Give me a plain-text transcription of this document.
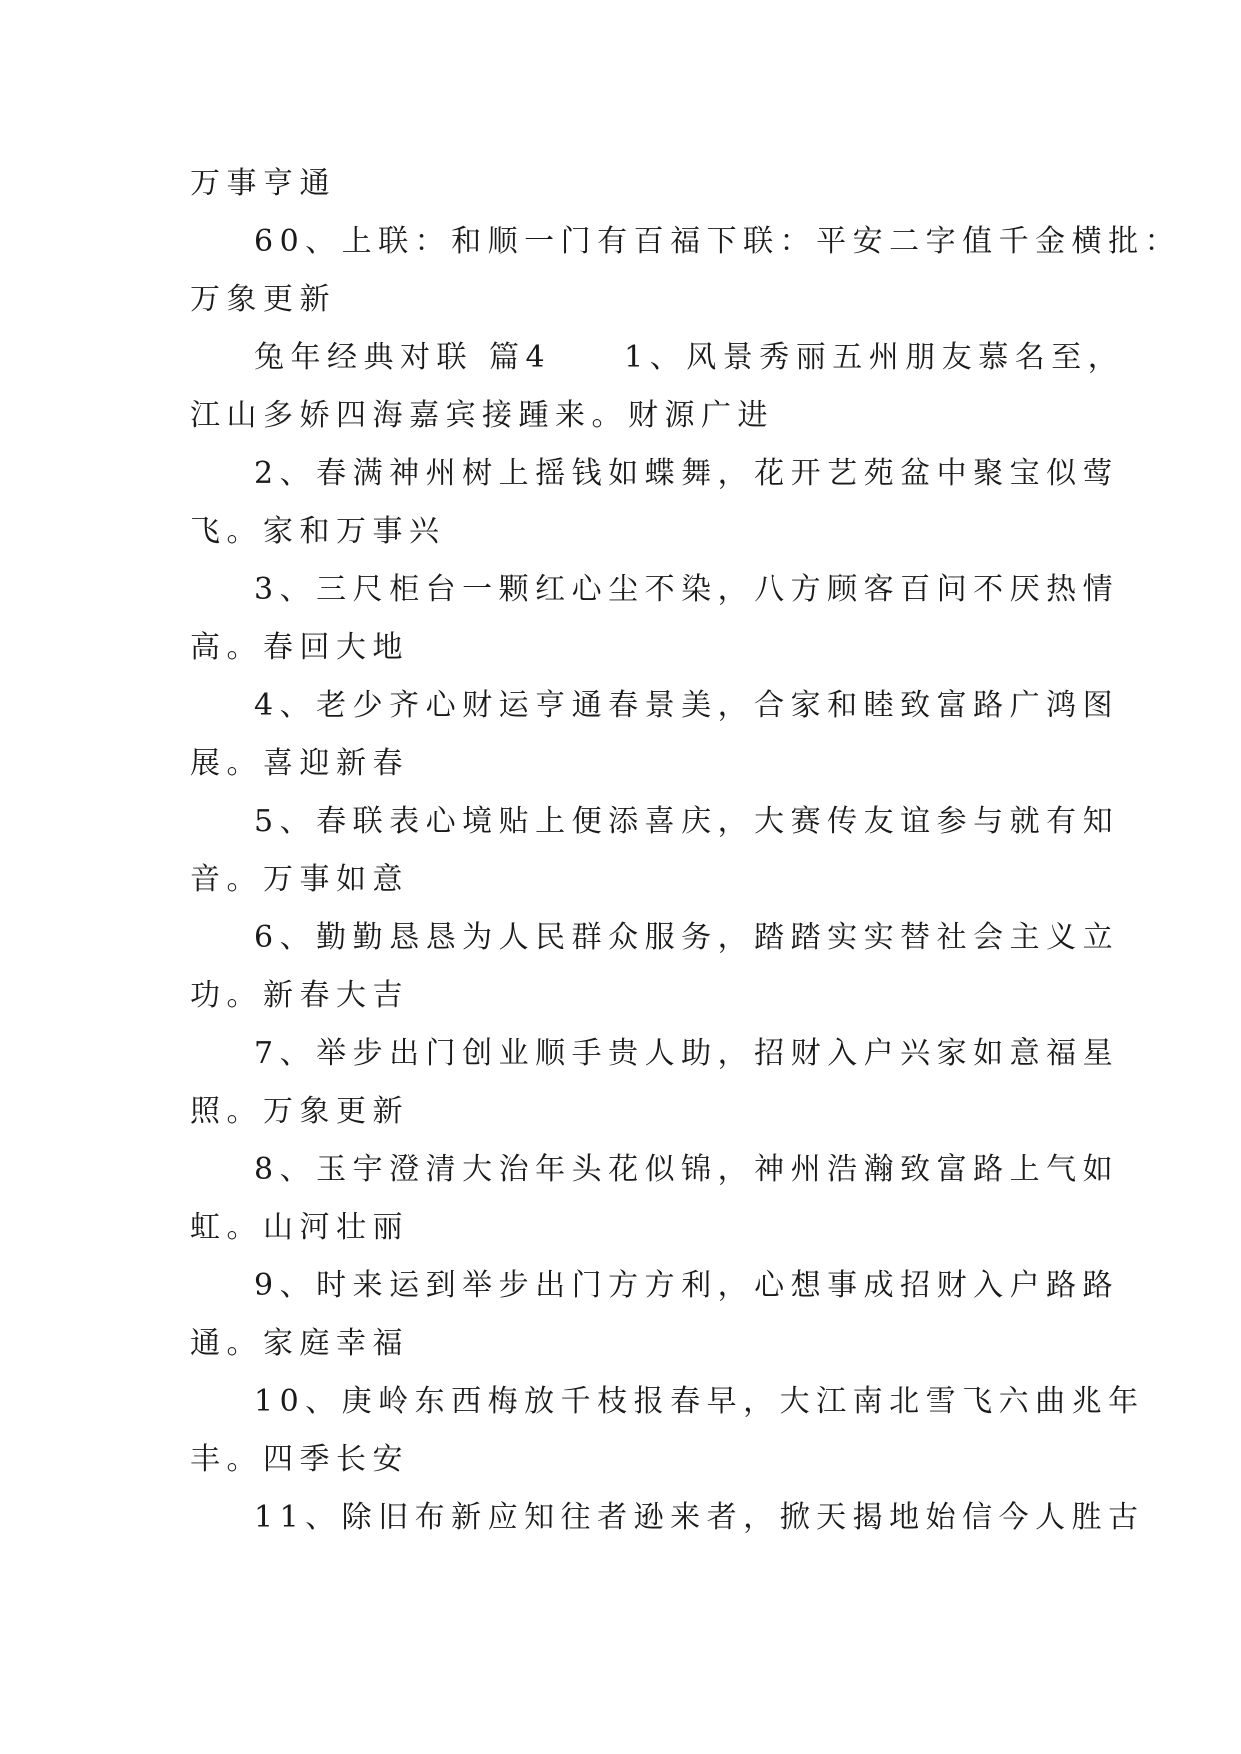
万事亨通
60、上联：和顺一门有百福下联：平安二字值千金横批：
万象更新
兔年经典对联 篇4　　1、风景秀丽五州朋友慕名至，
江山多娇四海嘉宾接踵来。财源广进
2、春满神州树上摇钱如蝶舞，花开艺苑盆中聚宝似莺
飞。家和万事兴
3、三尺柜台一颗红心尘不染，八方顾客百问不厌热情
高。春回大地
4、老少齐心财运亨通春景美，合家和睦致富路广鸿图
展。喜迎新春
5、春联表心境贴上便添喜庆，大赛传友谊参与就有知
音。万事如意
6、勤勤恳恳为人民群众服务，踏踏实实替社会主义立
功。新春大吉
7、举步出门创业顺手贵人助，招财入户兴家如意福星
照。万象更新
8、玉宇澄清大治年头花似锦，神州浩瀚致富路上气如
虹。山河壮丽
9、时来运到举步出门方方利，心想事成招财入户路路
通。家庭幸福
10、庚岭东西梅放千枝报春早，大江南北雪飞六曲兆年
丰。四季长安
11、除旧布新应知往者逊来者，掀天揭地始信今人胜古
